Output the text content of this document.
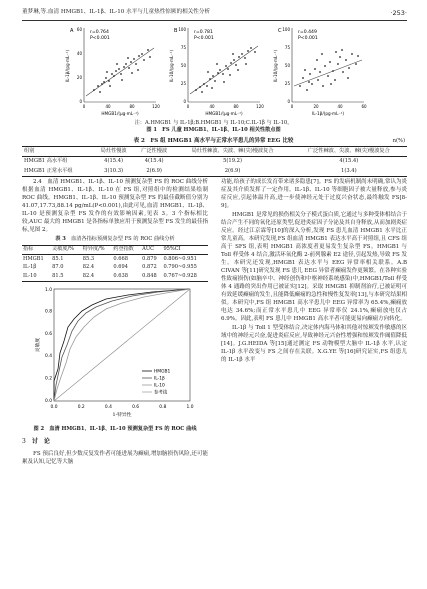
董梦琳,等.血清 HMGB1、IL-1β、IL-10 水平与儿童热性惊厥的相关性分析	·253·
A	r=0.764
P<0.001
0
20
40
60
0	40	80	120
HMGB1/(μg·mL⁻¹)
IL-1β/(pg·mL⁻¹)
B	r=0.781
P<0.001
0
25
50
75
100
0	40	80	120
HMGB1/(μg·mL⁻¹)
IL-10/(pg·mL⁻¹)
C	r=0.449
P<0.001
0
25
50
75
100
0	20	40	60
IL-1β/(pg·mL⁻¹)
IL-10/(pg·mL⁻¹)
注：A.HMGB1 与 IL-1β;B.HMGB1 与 IL-10;C.IL-1β 与 IL-10。
图 1　 FS 儿童 HMGB1、IL-1β、IL-10 相关性散点图
表 2　 FS 组 HMGB1 高水平与正常水平患儿的异常 EEG 比较	n(%)
组别	局灶性慢波	广泛性慢波	局灶性棘波、尖波、棘(尖)慢波复合	广泛性棘波、尖波、棘(尖)慢波复合
HMGB1 高水平组	4(15.4)	4(15.4)	5(19.2)	4(15.4)
HMGB1 正常水平组	3(10.3)	2(6.9)	2(6.9)	1(3.4)

2.4　血清 HMGB1、IL-1β、IL-10 预测复杂型 FS 的 ROC 曲线分析　根据血清 HMGB1、IL-1β、IL-10 在 FS 组,对照组中的检测结果绘制 ROC 曲线。HMGB1、IL-1β、IL-10 预测复杂型 FS 的最佳截断值分别为 41.07,17.73,88.14 pg/mL(P<0.001),由此可见,血清 HMGB1、IL-1β、IL-10 是预测复杂型 FS 发作的有效影响因素,见表 3。3 个指标相比较,AUC 最大的 HMGB1 是各指标单独应用于预测复杂型 FS 发生的最佳指标,见图 2。

表 3　 血清各指标预测复杂型 FS 的 ROC 曲线分析
指标	灵敏度/%	特异度/%	约登指数	AUC	95%CI
HMGB1	85.1	85.3	0.668	0.879	0.806~0.951
IL-1β	87.0	82.4	0.694	0.872	0.790~0.955
IL-10	81.5	82.4	0.638	0.848	0.767~0.928
0.0
0.2
0.4
0.6
0.8
1.0
0.0	0.2	0.4	0.6	0.8	1.0
1-特异性
灵敏度
HMGB1
IL-1β
IL-10
参考线
图 2　 血清 HMGB1、IL-1β、IL-10 预测复杂型 FS 的 ROC 曲线
3　 讨　论

FS 预后良好,但少数反复发作者可能进展为癫痫,增加脑损伤风险,还可能累及认知,记忆等大脑

功能,给孩子的成长发育带来诸多隐患[7]。FS 的发病机制尚未明确,常认为炎症及其介质发挥了一定作用。IL-1β、IL-10 等细胞因子被大量释放,参与炎症反应,引起体温升高,进一步使神经元处于过度兴奋状态,最终触发 FS[8-9]。

HMGB1 是常见的损伤相关分子模式蛋白质,它通过与多种受体相结合于结合产生不同的氧化还原类型,促进炎症因子分泌及其自身释放,从而加剧炎症反应。经过江京霖等[10]的深入分析,发现 FS 患儿血清 HMGB1 水平比正常儿童高。本研究发现,FS 组血清 HMGB1 表达水平高于对照组,且 CFS 组高于 SFS 组,表明 HMGB1 高浓度者更易发生复杂型 FS。HMGB1 与 Toll 样受体 4 结合,激活环氧化酶 2-前列腺素 E2 途径,引起发热,导致 FS 发生。本研究还发现,HMGB1 表达水平与 EEG 异常率相关联系。A.B CIVAN 等[11]研究发现 FS 患儿 EEG 异常者癫痫发作更频繁。在各种实验性致痫损伤(如脑卒中、神经创伤和中枢神经系统感染)中,HMGB1/Toll 样受体 4 通路的突出作用已被证实[12]。采取 HMGB1 抑制剂治疗,已被证明可有效延缓癫痫的发生,且能降低癫痫的急性和慢性复发率[13],与本研究结果相似。本研究中,FS 组 HMGB1 高水平患儿中 EEG 异常率为 65.4%,癫痫放电达 34.6%;而正常水平患儿中 EEG 异常率仅 24.1%,癫痫放电仅占 6.9%。因此,表明 FS 患儿中 HMGB1 高水平者可能更易向癫痫方向转化。

IL-1β 与 Toll 1 型受体结合,决定体内海马体和其他对惊厥发作敏感的区域中的神经元兴奋,促进炎症反应,导致神经元兴奋性增强和惊厥发作阈值降低[14]。J.G.HEIDA 等[15]通过测定 FS 动物模型大脑中 IL-1β 水平,认定 IL-1β 水平改变与 FS 之间存在关联。X.G.YE 等[16]研究证实,FS 组患儿的 IL-1β 水平
